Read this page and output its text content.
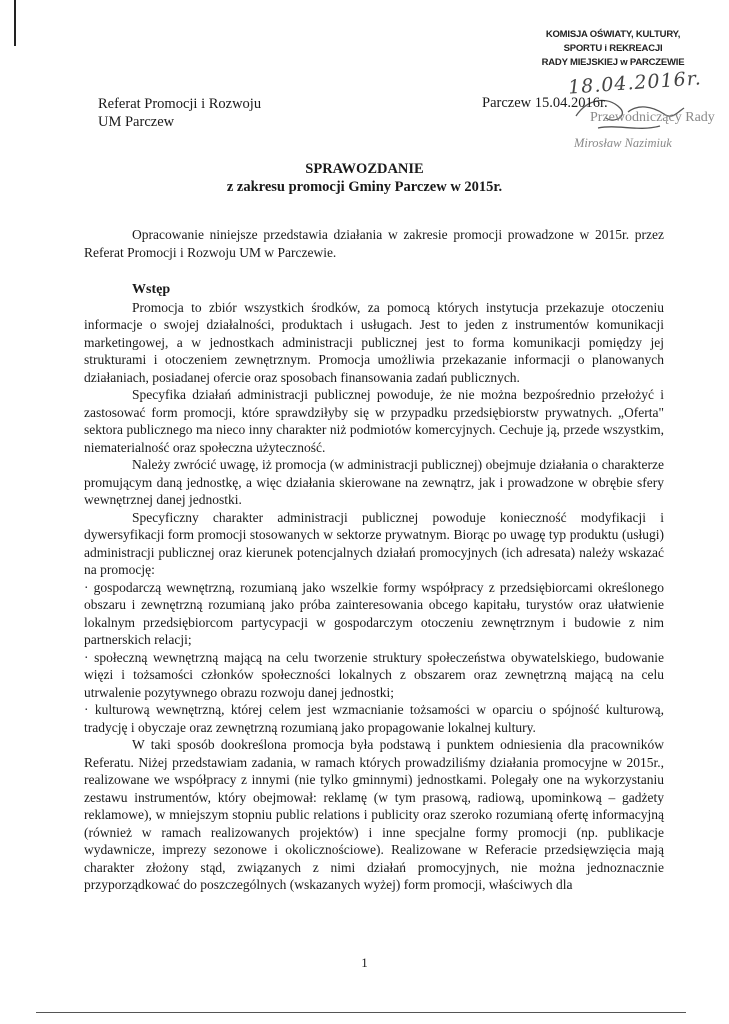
KOMISJA OŚWIATY, KULTURY,
SPORTU i REKREACJI
RADY MIEJSKIEJ w PARCZEWIE
18.04.2016r.
Przewodniczący Rady
Mirosław Nazimiuk
Referat Promocji i Rozwoju
UM Parczew
Parczew 15.04.2016r.
SPRAWOZDANIE
z zakresu promocji Gminy Parczew w 2015r.

Opracowanie niniejsze przedstawia działania w zakresie promocji prowadzone w 2015r. przez Referat Promocji i Rozwoju UM w Parczewie.

Wstęp

Promocja to zbiór wszystkich środków, za pomocą których instytucja przekazuje otoczeniu informacje o swojej działalności, produktach i usługach. Jest to jeden z instrumentów komunikacji marketingowej, a w jednostkach administracji publicznej jest to forma komunikacji pomiędzy jej strukturami i otoczeniem zewnętrznym. Promocja umożliwia przekazanie informacji o planowanych działaniach, posiadanej ofercie oraz sposobach finansowania zadań publicznych.

Specyfika działań administracji publicznej powoduje, że nie można bezpośrednio przełożyć i zastosować form promocji, które sprawdziłyby się w przypadku przedsiębiorstw prywatnych. „Oferta" sektora publicznego ma nieco inny charakter niż podmiotów komercyjnych. Cechuje ją, przede wszystkim, niematerialność oraz społeczna użyteczność.

Należy zwrócić uwagę, iż promocja (w administracji publicznej) obejmuje działania o charakterze promującym daną jednostkę, a więc działania skierowane na zewnątrz, jak i prowadzone w obrębie sfery wewnętrznej danej jednostki.

Specyficzny charakter administracji publicznej powoduje konieczność modyfikacji i dywersyfikacji form promocji stosowanych w sektorze prywatnym. Biorąc po uwagę typ produktu (usługi) administracji publicznej oraz kierunek potencjalnych działań promocyjnych (ich adresata) należy wskazać na promocję:

· gospodarczą wewnętrzną, rozumianą jako wszelkie formy współpracy z przedsiębiorcami określonego obszaru i zewnętrzną rozumianą jako próba zainteresowania obcego kapitału, turystów oraz ułatwienie lokalnym przedsiębiorcom partycypacji w gospodarczym otoczeniu zewnętrznym i budowie z nim partnerskich relacji;

· społeczną wewnętrzną mającą na celu tworzenie struktury społeczeństwa obywatelskiego, budowanie więzi i tożsamości członków społeczności lokalnych z obszarem oraz zewnętrzną mającą na celu utrwalenie pozytywnego obrazu rozwoju danej jednostki;

· kulturową wewnętrzną, której celem jest wzmacnianie tożsamości w oparciu o spójność kulturową, tradycję i obyczaje oraz zewnętrzną rozumianą jako propagowanie lokalnej kultury.

W taki sposób dookreślona promocja była podstawą i punktem odniesienia dla pracowników Referatu. Niżej przedstawiam zadania, w ramach których prowadziliśmy działania promocyjne w 2015r., realizowane we współpracy z innymi (nie tylko gminnymi) jednostkami. Polegały one na wykorzystaniu zestawu instrumentów, który obejmował: reklamę (w tym prasową, radiową, upominkową – gadżety reklamowe), w mniejszym stopniu public relations i publicity oraz szeroko rozumianą ofertę informacyjną (również w ramach realizowanych projektów) i inne specjalne formy promocji (np. publikacje wydawnicze, imprezy sezonowe i okolicznościowe). Realizowane w Referacie przedsięwzięcia mają charakter złożony stąd, związanych z nimi działań promocyjnych, nie można jednoznacznie przyporządkować do poszczególnych (wskazanych wyżej) form promocji, właściwych dla

1
